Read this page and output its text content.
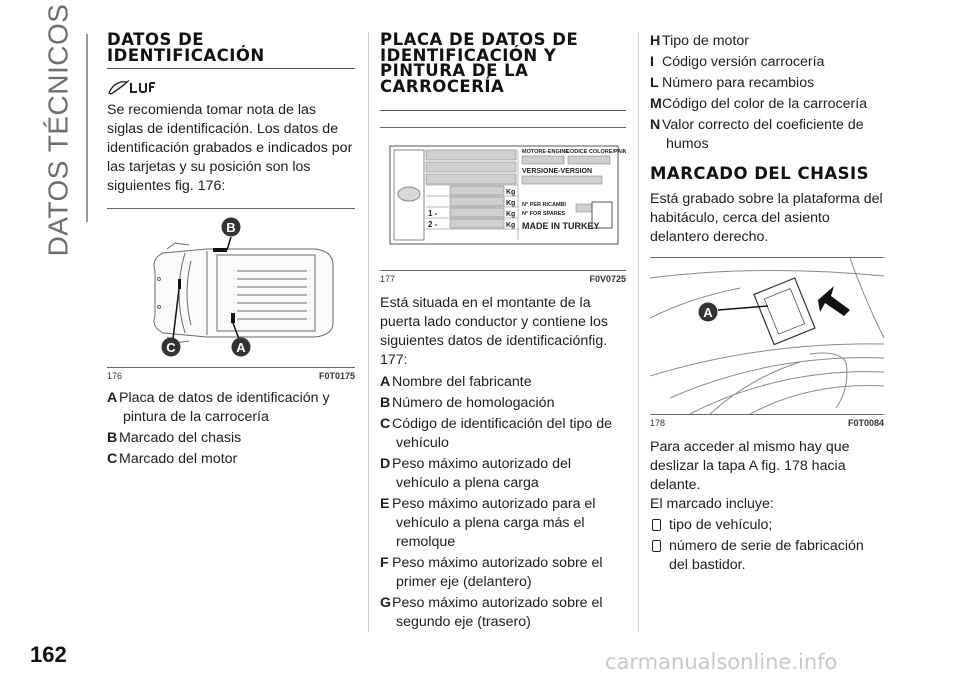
DATOS TÉCNICOS DATOS DE IDENTIFICACIÓN

Se recomienda tomar nota de las siglas de identificación. Los datos de identificación grabados e indicados por las tarjetas y su posición son los siguientes fig. 176:

B
C	A
176	F0T0175
A Placa de datos de identificación y pintura de la carrocería
B Marcado del chasis
C Marcado del motor
PLACA DE DATOS DE IDENTIFICACIÓN Y PINTURA DE LA CARROCERÍA
MOTORE-ENGINE
CODICE COLORE/PAINT
VERSIONE-VERSION
N° PER RICAMBI
N° FOR SPARES
MADE IN TURKEY
Kg
Kg
Kg
Kg
1 -
2 -
177	F0V0725

Está situada en el montante de la puerta lado conductor y contiene los siguientes datos de identificaciónfig. 177:

A Nombre del fabricante
B Número de homologación
C Código de identificación del tipo de vehículo
D Peso máximo autorizado del vehículo a plena carga
E Peso máximo autorizado para el vehículo a plena carga más el remolque
F Peso máximo autorizado sobre el primer eje (delantero)
GPeso máximo autorizado sobre el segundo eje (trasero)
H Tipo de motor
I Código versión carrocería
L Número para recambios
MCódigo del color de la carrocería
N Valor correcto del coeficiente de humos
MARCADO DEL CHASIS

Está grabado sobre la plataforma del habitáculo, cerca del asiento delantero derecho.

A
178	F0T0084

Para acceder al mismo hay que deslizar la tapa A fig. 178 hacia delante.

El marcado incluye:

tipo de vehículo;
número de serie de fabricación del bastidor.
162	carmanualsonline.info
